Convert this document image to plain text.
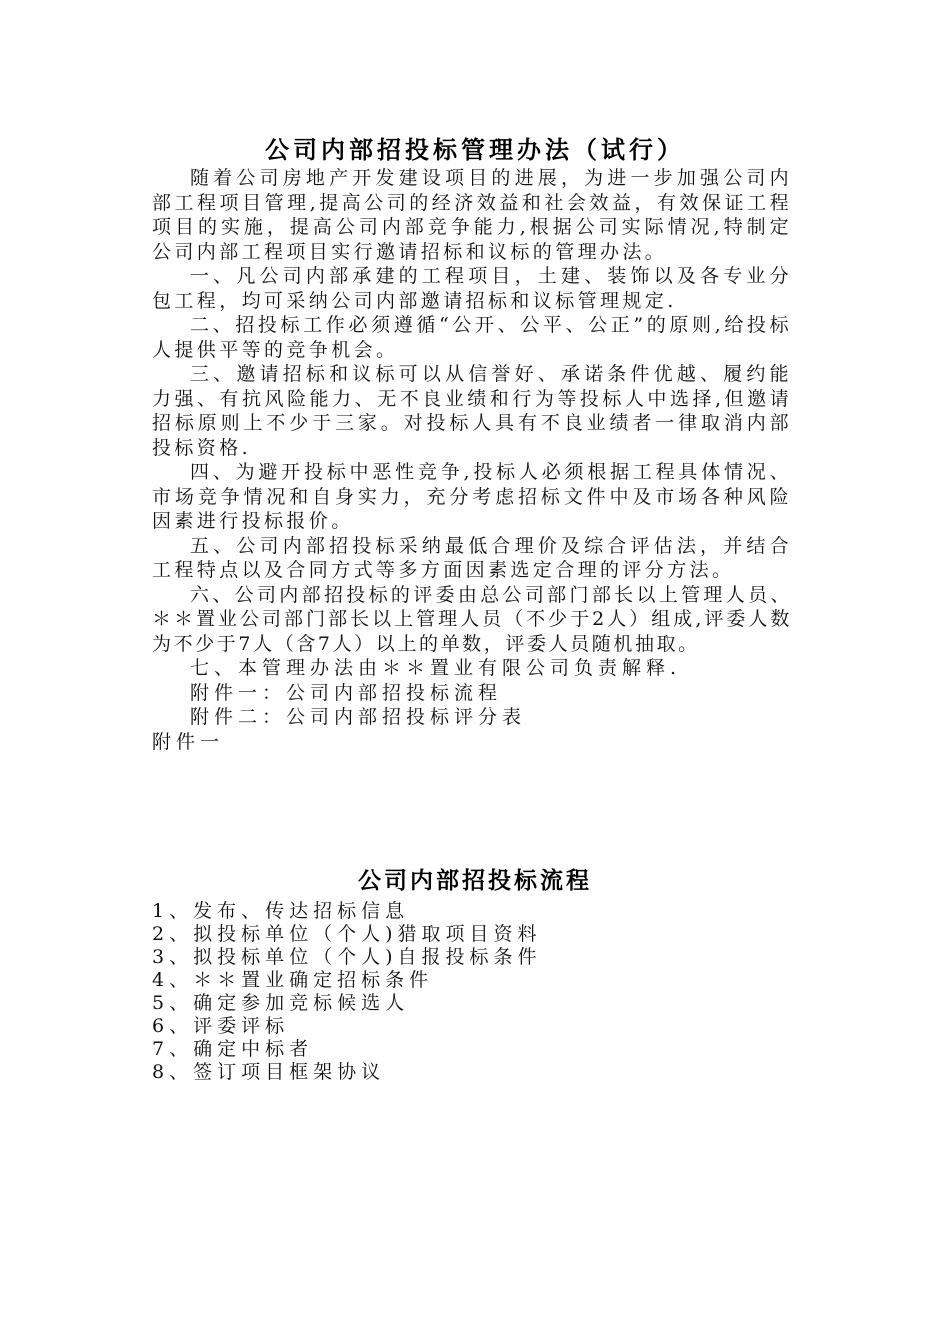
公司内部招投标管理办法（试行）

随着公司房地产开发建设项目的进展，为进一步加强公司内部工程项目管理,提高公司的经济效益和社会效益，有效保证工程项目的实施，提高公司内部竞争能力,根据公司实际情况,特制定公司内部工程项目实行邀请招标和议标的管理办法。

一、凡公司内部承建的工程项目，土建、装饰以及各专业分包工程，均可采纳公司内部邀请招标和议标管理规定.

二、招投标工作必须遵循“公开、公平、公正”的原则,给投标人提供平等的竞争机会。

三、邀请招标和议标可以从信誉好、承诺条件优越、履约能力强、有抗风险能力、无不良业绩和行为等投标人中选择,但邀请招标原则上不少于三家。对投标人具有不良业绩者一律取消内部投标资格.

四、为避开投标中恶性竞争,投标人必须根据工程具体情况、市场竞争情况和自身实力，充分考虑招标文件中及市场各种风险因素进行投标报价。

五、公司内部招投标采纳最低合理价及综合评估法，并结合工程特点以及合同方式等多方面因素选定合理的评分方法。

六、公司内部招投标的评委由总公司部门部长以上管理人员、＊＊置业公司部门部长以上管理人员（不少于2人）组成,评委人数为不少于7人（含7人）以上的单数，评委人员随机抽取。

七、本管理办法由＊＊置业有限公司负责解释.

附件一：公司内部招投标流程

附件二：公司内部招投标评分表

附件一

公司内部招投标流程
1、发布、传达招标信息
2、拟投标单位（个人)猎取项目资料
3、拟投标单位（个人)自报投标条件
4、＊＊置业确定招标条件
5、确定参加竞标候选人
6、评委评标
7、确定中标者
8、签订项目框架协议
